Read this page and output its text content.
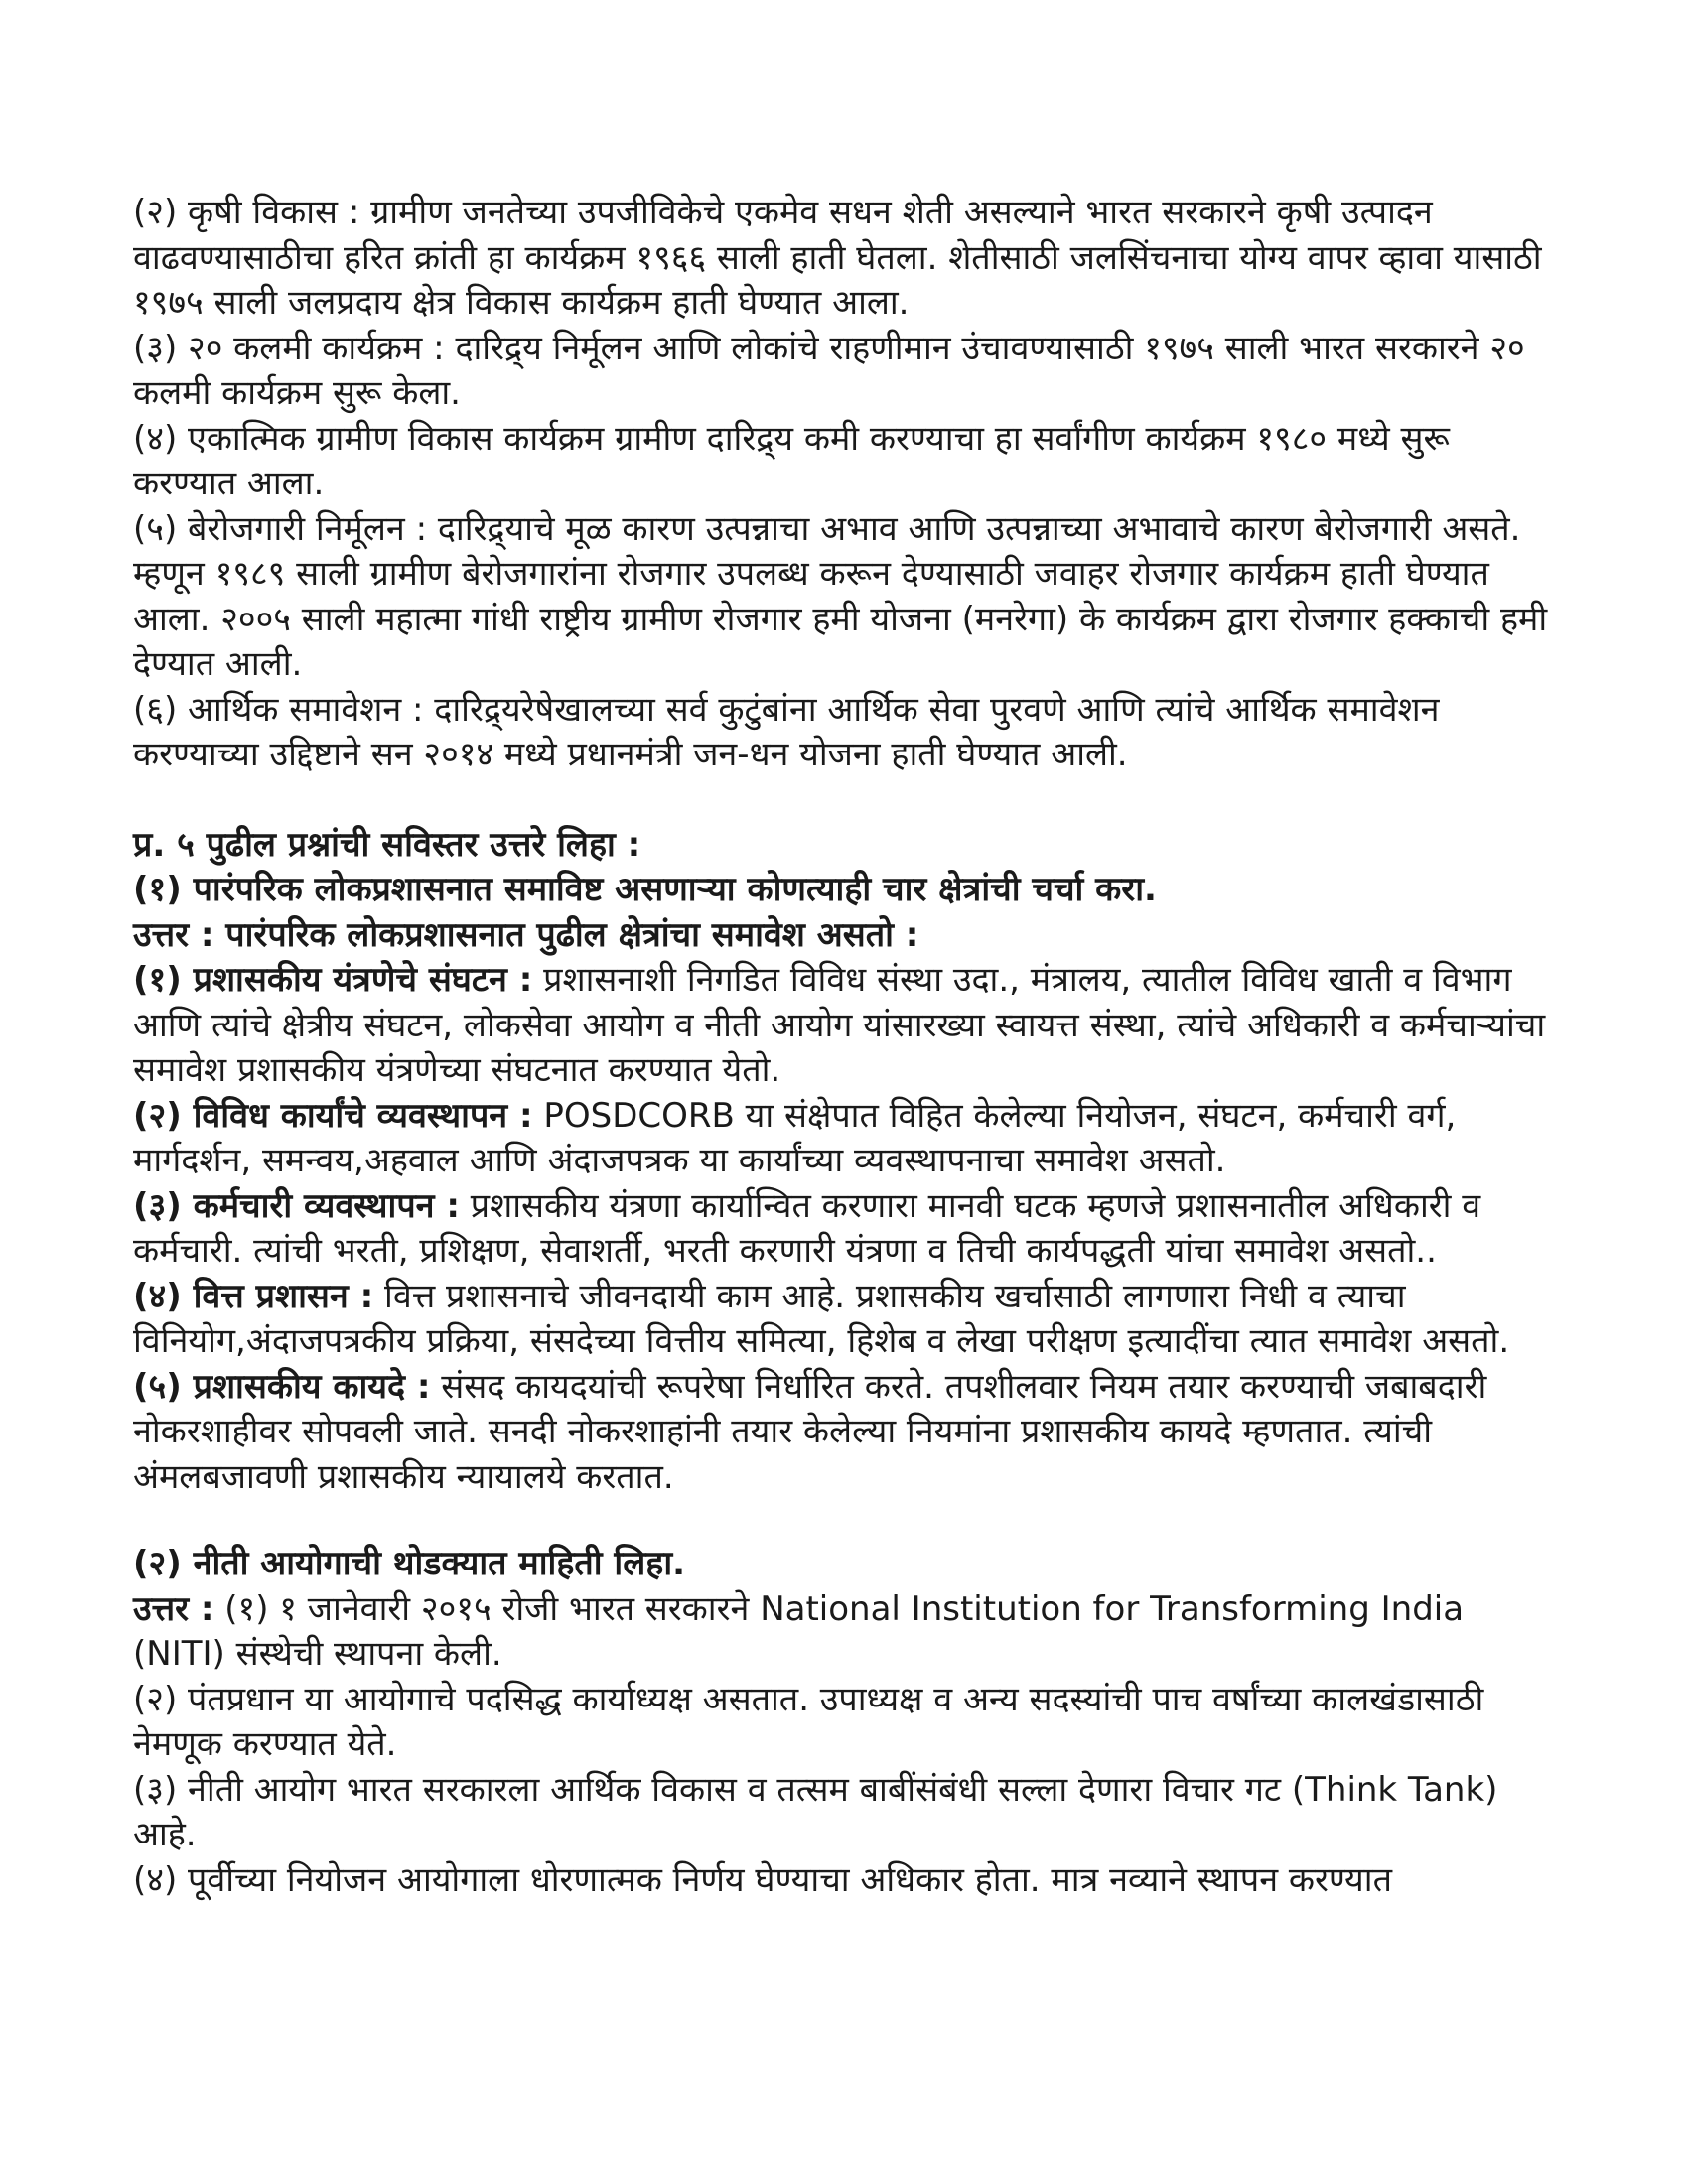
(२) कृषी विकास : ग्रामीण जनतेच्या उपजीविकेचे एकमेव सधन शेती असल्याने भारत सरकारने कृषी उत्पादन वाढवण्यासाठीचा हरित क्रांती हा कार्यक्रम १९६६ साली हाती घेतला. शेतीसाठी जलसिंचनाचा योग्य वापर व्हावा यासाठी १९७५ साली जलप्रदाय क्षेत्र विकास कार्यक्रम हाती घेण्यात आला.

(३) २० कलमी कार्यक्रम : दारिद्र्य निर्मूलन आणि लोकांचे राहणीमान उंचावण्यासाठी १९७५ साली भारत सरकारने २० कलमी कार्यक्रम सुरू केला.

(४) एकात्मिक ग्रामीण विकास कार्यक्रम ग्रामीण दारिद्र्य कमी करण्याचा हा सर्वांगीण कार्यक्रम १९८० मध्ये सुरू करण्यात आला.

(५) बेरोजगारी निर्मूलन : दारिद्र्याचे मूळ कारण उत्पन्नाचा अभाव आणि उत्पन्नाच्या अभावाचे कारण बेरोजगारी असते. म्हणून १९८९ साली ग्रामीण बेरोजगारांना रोजगार उपलब्ध करून देण्यासाठी जवाहर रोजगार कार्यक्रम हाती घेण्यात आला. २००५ साली महात्मा गांधी राष्ट्रीय ग्रामीण रोजगार हमी योजना (मनरेगा) के कार्यक्रम द्वारा रोजगार हक्काची हमी देण्यात आली.

(६) आर्थिक समावेशन : दारिद्र्यरेषेखालच्या सर्व कुटुंबांना आर्थिक सेवा पुरवणे आणि त्यांचे आर्थिक समावेशन करण्याच्या उद्दिष्टाने सन २०१४ मध्ये प्रधानमंत्री जन-धन योजना हाती घेण्यात आली.

प्र. ५ पुढील प्रश्नांची सविस्तर उत्तरे लिहा :

(१) पारंपरिक लोकप्रशासनात समाविष्ट असणाऱ्या कोणत्याही चार क्षेत्रांची चर्चा करा.

उत्तर : पारंपरिक लोकप्रशासनात पुढील क्षेत्रांचा समावेश असतो :

(१) प्रशासकीय यंत्रणेचे संघटन : प्रशासनाशी निगडित विविध संस्था उदा., मंत्रालय, त्यातील विविध खाती व विभाग आणि त्यांचे क्षेत्रीय संघटन, लोकसेवा आयोग व नीती आयोग यांसारख्या स्वायत्त संस्था, त्यांचे अधिकारी व कर्मचाऱ्यांचा समावेश प्रशासकीय यंत्रणेच्या संघटनात करण्यात येतो.

(२) विविध कार्यांचे व्यवस्थापन : POSDCORB या संक्षेपात विहित केलेल्या नियोजन, संघटन, कर्मचारी वर्ग, मार्गदर्शन, समन्वय,अहवाल आणि अंदाजपत्रक या कार्यांच्या व्यवस्थापनाचा समावेश असतो.

(३) कर्मचारी व्यवस्थापन : प्रशासकीय यंत्रणा कार्यान्वित करणारा मानवी घटक म्हणजे प्रशासनातील अधिकारी व कर्मचारी. त्यांची भरती, प्रशिक्षण, सेवाशर्ती, भरती करणारी यंत्रणा व तिची कार्यपद्धती यांचा समावेश असतो..

(४) वित्त प्रशासन : वित्त प्रशासनाचे जीवनदायी काम आहे. प्रशासकीय खर्चासाठी लागणारा निधी व त्याचा विनियोग,अंदाजपत्रकीय प्रक्रिया, संसदेच्या वित्तीय समित्या, हिशेब व लेखा परीक्षण इत्यादींचा त्यात समावेश असतो.

(५) प्रशासकीय कायदे : संसद कायदयांची रूपरेषा निर्धारित करते. तपशीलवार नियम तयार करण्याची जबाबदारी नोकरशाहीवर सोपवली जाते. सनदी नोकरशाहांनी तयार केलेल्या नियमांना प्रशासकीय कायदे म्हणतात. त्यांची अंमलबजावणी प्रशासकीय न्यायालये करतात.

(२) नीती आयोगाची थोडक्यात माहिती लिहा.

उत्तर : (१) १ जानेवारी २०१५ रोजी भारत सरकारने National Institution for Transforming India (NITI) संस्थेची स्थापना केली.

(२) पंतप्रधान या आयोगाचे पदसिद्ध कार्याध्यक्ष असतात. उपाध्यक्ष व अन्य सदस्यांची पाच वर्षांच्या कालखंडासाठी नेमणूक करण्यात येते.

(३) नीती आयोग भारत सरकारला आर्थिक विकास व तत्सम बाबींसंबंधी सल्ला देणारा विचार गट (Think Tank) आहे.

(४) पूर्वीच्या नियोजन आयोगाला धोरणात्मक निर्णय घेण्याचा अधिकार होता. मात्र नव्याने स्थापन करण्यात
